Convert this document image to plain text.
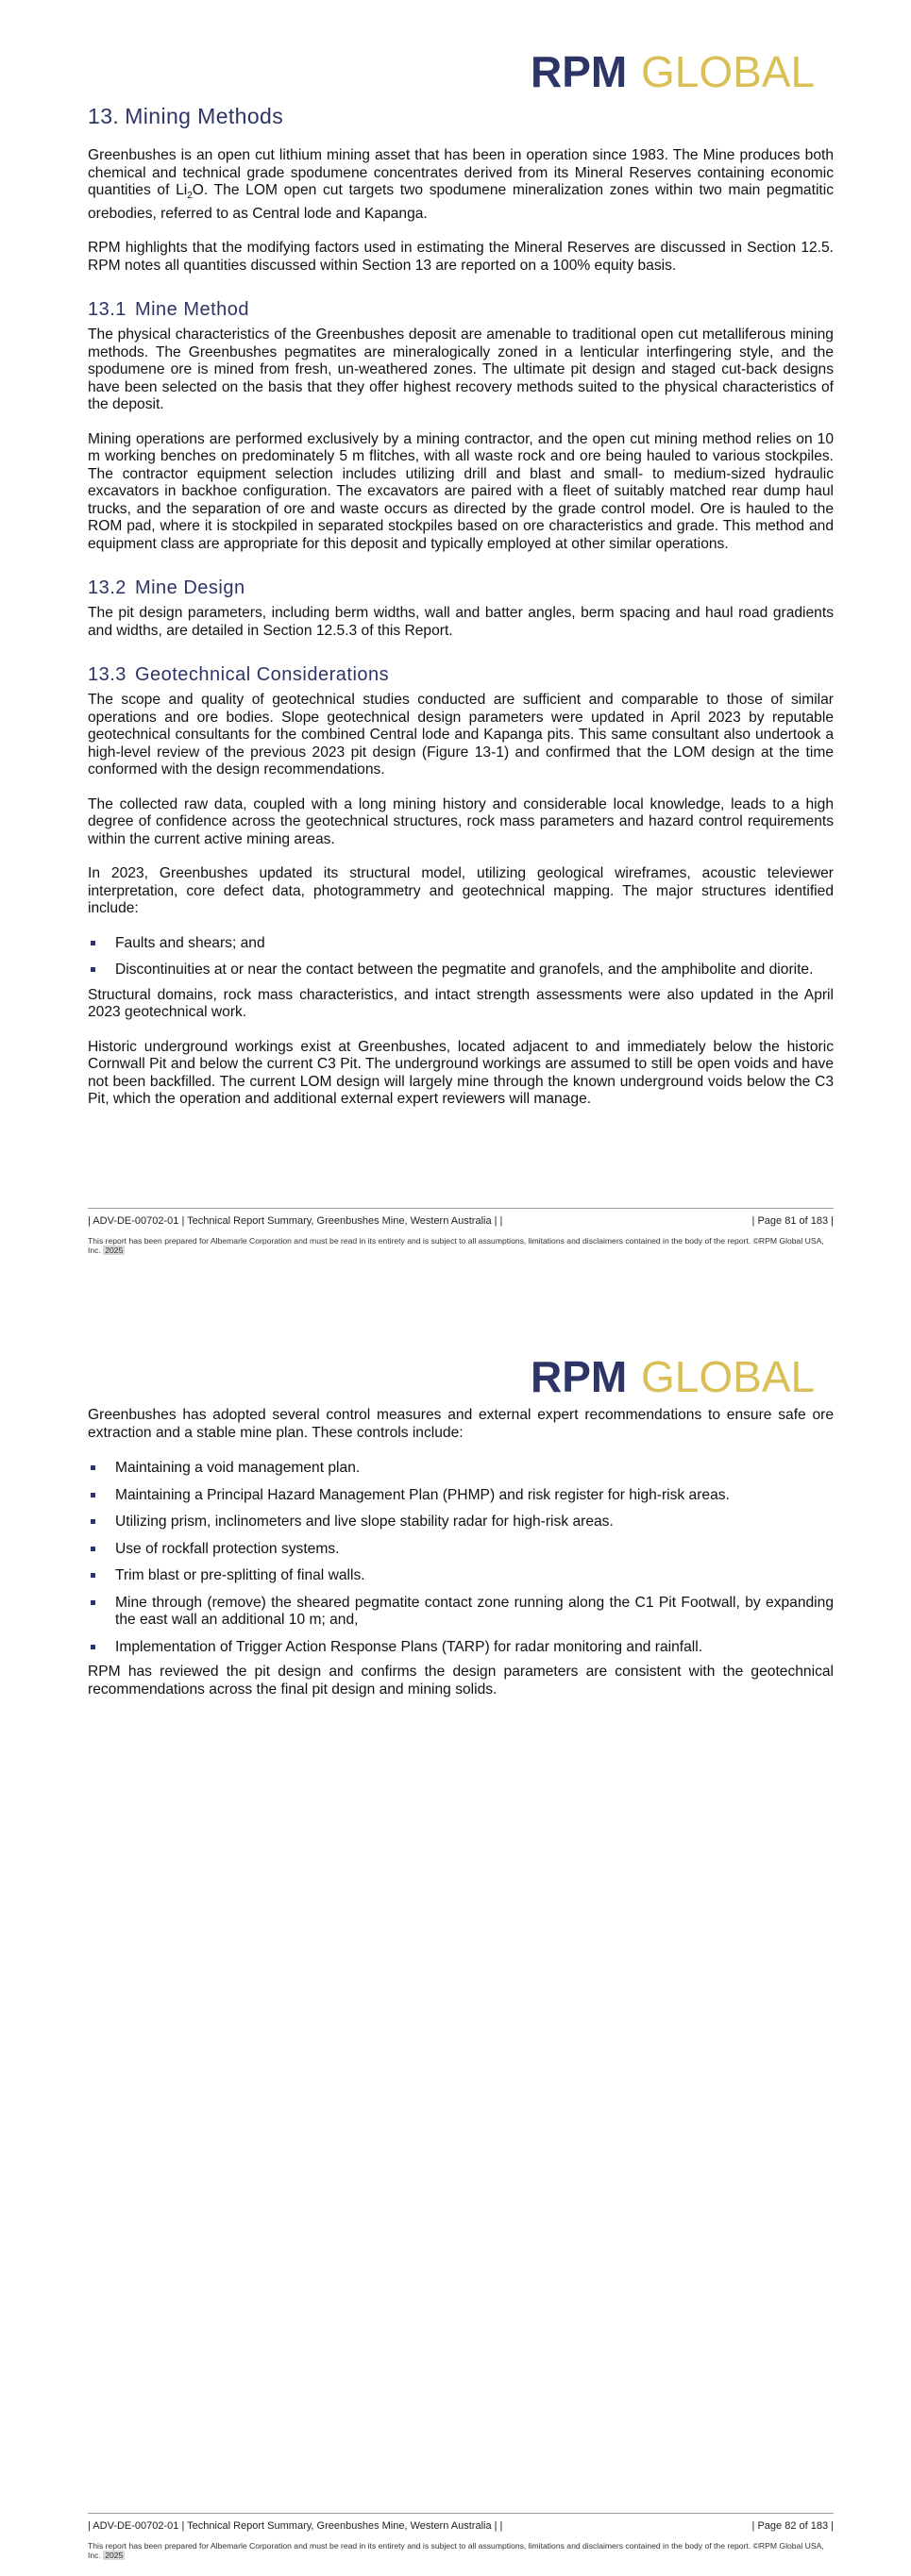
RPM GLOBAL
13. Mining Methods

Greenbushes is an open cut lithium mining asset that has been in operation since 1983. The Mine produces both chemical and technical grade spodumene concentrates derived from its Mineral Reserves containing economic quantities of $Li_2O$. The LOM open cut targets two spodumene mineralization zones within two main pegmatitic orebodies, referred to as Central lode and Kapanga.

RPM highlights that the modifying factors used in estimating the Mineral Reserves are discussed in Section 12.5. RPM notes all quantities discussed within Section 13 are reported on a 100% equity basis.

13.1 Mine Method

The physical characteristics of the Greenbushes deposit are amenable to traditional open cut metalliferous mining methods. The Greenbushes pegmatites are mineralogically zoned in a lenticular interfingering style, and the spodumene ore is mined from fresh, un-weathered zones. The ultimate pit design and staged cut-back designs have been selected on the basis that they offer highest recovery methods suited to the physical characteristics of the deposit.

Mining operations are performed exclusively by a mining contractor, and the open cut mining method relies on 10 m working benches on predominately 5 m flitches, with all waste rock and ore being hauled to various stockpiles. The contractor equipment selection includes utilizing drill and blast and small- to medium-sized hydraulic excavators in backhoe configuration. The excavators are paired with a fleet of suitably matched rear dump haul trucks, and the separation of ore and waste occurs as directed by the grade control model. Ore is hauled to the ROM pad, where it is stockpiled in separated stockpiles based on ore characteristics and grade. This method and equipment class are appropriate for this deposit and typically employed at other similar operations.

13.2 Mine Design

The pit design parameters, including berm widths, wall and batter angles, berm spacing and haul road gradients and widths, are detailed in Section 12.5.3 of this Report.

13.3 Geotechnical Considerations

The scope and quality of geotechnical studies conducted are sufficient and comparable to those of similar operations and ore bodies. Slope geotechnical design parameters were updated in April 2023 by reputable geotechnical consultants for the combined Central lode and Kapanga pits. This same consultant also undertook a high-level review of the previous 2023 pit design (Figure 13-1) and confirmed that the LOM design at the time conformed with the design recommendations.

The collected raw data, coupled with a long mining history and considerable local knowledge, leads to a high degree of confidence across the geotechnical structures, rock mass parameters and hazard control requirements within the current active mining areas.

In 2023, Greenbushes updated its structural model, utilizing geological wireframes, acoustic televiewer interpretation, core defect data, photogrammetry and geotechnical mapping. The major structures identified include:

Faults and shears; and
Discontinuities at or near the contact between the pegmatite and granofels, and the amphibolite and diorite.

Structural domains, rock mass characteristics, and intact strength assessments were also updated in the April 2023 geotechnical work.

Historic underground workings exist at Greenbushes, located adjacent to and immediately below the historic Cornwall Pit and below the current C3 Pit. The underground workings are assumed to still be open voids and have not been backfilled. The current LOM design will largely mine through the known underground voids below the C3 Pit, which the operation and additional external expert reviewers will manage.

| ADV-DE-00702-01 | Technical Report Summary, Greenbushes Mine, Western Australia | |	| Page 81 of 183 |
This report has been prepared for Albemarle Corporation and must be read in its entirety and is subject to all assumptions, limitations and disclaimers contained in the body of the report. ©RPM Global USA, Inc. 2025
RPM GLOBAL

Greenbushes has adopted several control measures and external expert recommendations to ensure safe ore extraction and a stable mine plan. These controls include:

Maintaining a void management plan.
Maintaining a Principal Hazard Management Plan (PHMP) and risk register for high-risk areas.
Utilizing prism, inclinometers and live slope stability radar for high-risk areas.
Use of rockfall protection systems.
Trim blast or pre-splitting of final walls.
Mine through (remove) the sheared pegmatite contact zone running along the C1 Pit Footwall, by expanding the east wall an additional 10 m; and,
Implementation of Trigger Action Response Plans (TARP) for radar monitoring and rainfall.

RPM has reviewed the pit design and confirms the design parameters are consistent with the geotechnical recommendations across the final pit design and mining solids.

| ADV-DE-00702-01 | Technical Report Summary, Greenbushes Mine, Western Australia | |	| Page 82 of 183 |
This report has been prepared for Albemarle Corporation and must be read in its entirety and is subject to all assumptions, limitations and disclaimers contained in the body of the report. ©RPM Global USA, Inc. 2025
